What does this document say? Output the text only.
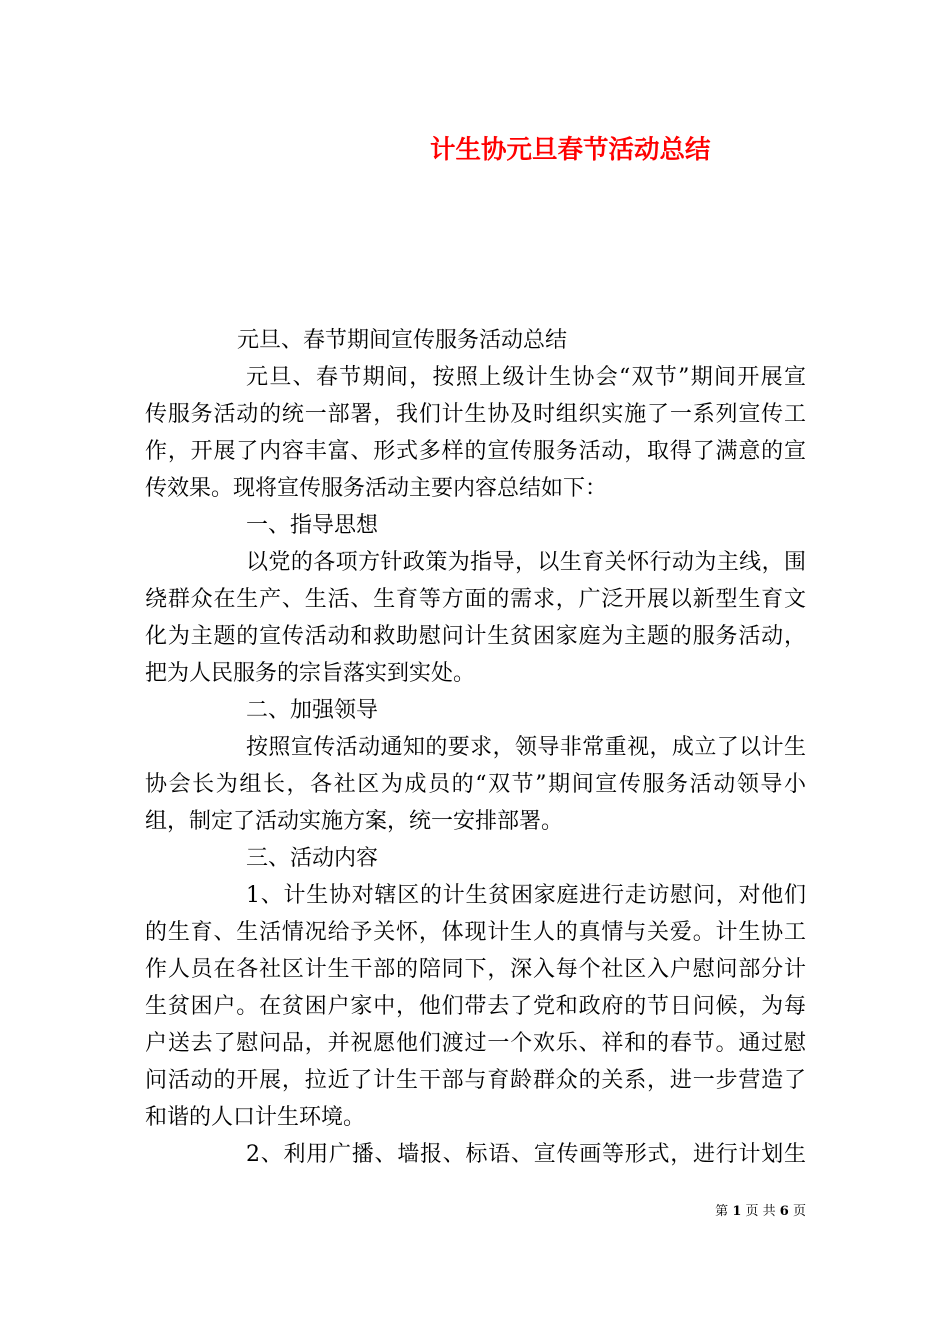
计生协元旦春节活动总结
元旦、春节期间宣传服务活动总结
元旦、春节期间，按照上级计生协会“双节”期间开展宣
传服务活动的统一部署，我们计生协及时组织实施了一系列宣传工
作，开展了内容丰富、形式多样的宣传服务活动，取得了满意的宣
传效果。现将宣传服务活动主要内容总结如下：
一、指导思想
以党的各项方针政策为指导，以生育关怀行动为主线，围
绕群众在生产、生活、生育等方面的需求，广泛开展以新型生育文
化为主题的宣传活动和救助慰问计生贫困家庭为主题的服务活动，
把为人民服务的宗旨落实到实处。
二、加强领导
按照宣传活动通知的要求，领导非常重视，成立了以计生
协会长为组长，各社区为成员的“双节”期间宣传服务活动领导小
组，制定了活动实施方案，统一安排部署。
三、活动内容
1、计生协对辖区的计生贫困家庭进行走访慰问，对他们
的生育、生活情况给予关怀，体现计生人的真情与关爱。计生协工
作人员在各社区计生干部的陪同下，深入每个社区入户慰问部分计
生贫困户。在贫困户家中，他们带去了党和政府的节日问候，为每
户送去了慰问品，并祝愿他们渡过一个欢乐、祥和的春节。通过慰
问活动的开展，拉近了计生干部与育龄群众的关系，进一步营造了
和谐的人口计生环境。
2、利用广播、墙报、标语、宣传画等形式，进行计划生
第 1 页 共 6 页
